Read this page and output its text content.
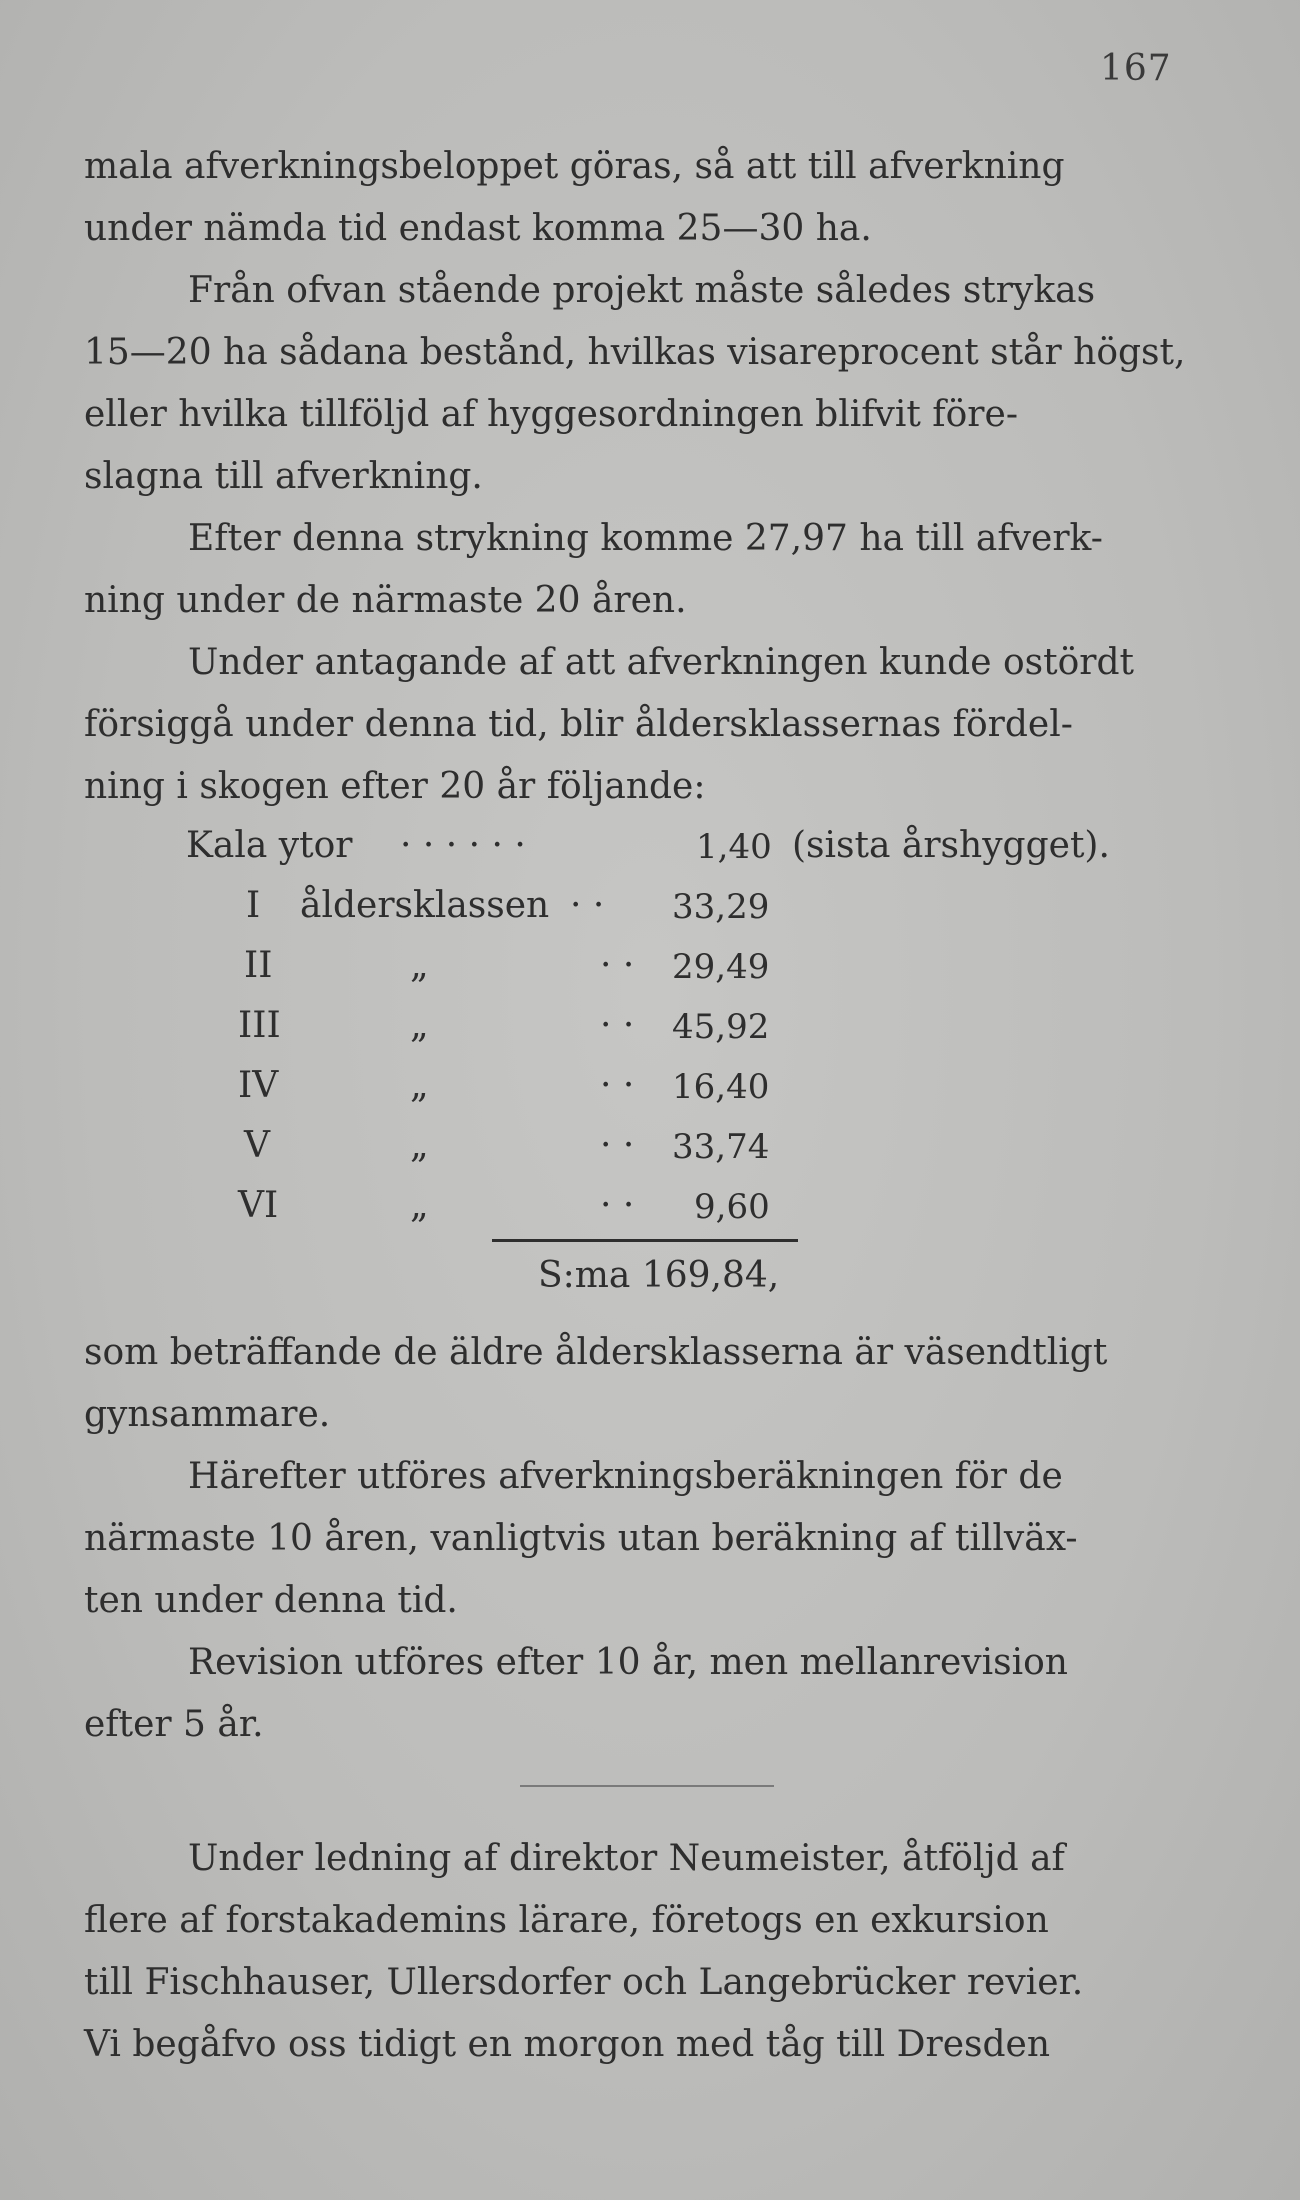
167

mala afverkningsbeloppet göras, så att till afverkning
under nämda tid endast komma 25—30 ha.

Från ofvan stående projekt måste således strykas
15—20 ha sådana bestånd, hvilkas visareprocent står högst,
eller hvilka tillföljd af hyggesordningen blifvit före-
slagna till afverkning.

Efter denna strykning komme 27,97 ha till afverk-
ning under de närmaste 20 åren.

Under antagande af att afverkningen kunde ostördt
försiggå under denna tid, blir åldersklassernas fördel-
ning i skogen efter 20 år följande:

Kala ytor · · · · · ·	1,40 (sista årshygget).
I åldersklassen · · 33,29
II	„	· · 29,49
III	„	· · 45,92
IV	„	· · 16,40
V	„	· · 33,74
VI	„	· · 9,60
S:ma 169,84,

som beträffande de äldre åldersklasserna är väsendtligt
gynsammare.

Härefter utföres afverkningsberäkningen för de
närmaste 10 åren, vanligtvis utan beräkning af tillväx-
ten under denna tid.

Revision utföres efter 10 år, men mellanrevision
efter 5 år.

Under ledning af direktor Neumeister, åtföljd af
flere af forstakademins lärare, företogs en exkursion
till Fischhauser, Ullersdorfer och Langebrücker revier.
Vi begåfvo oss tidigt en morgon med tåg till Dresden
